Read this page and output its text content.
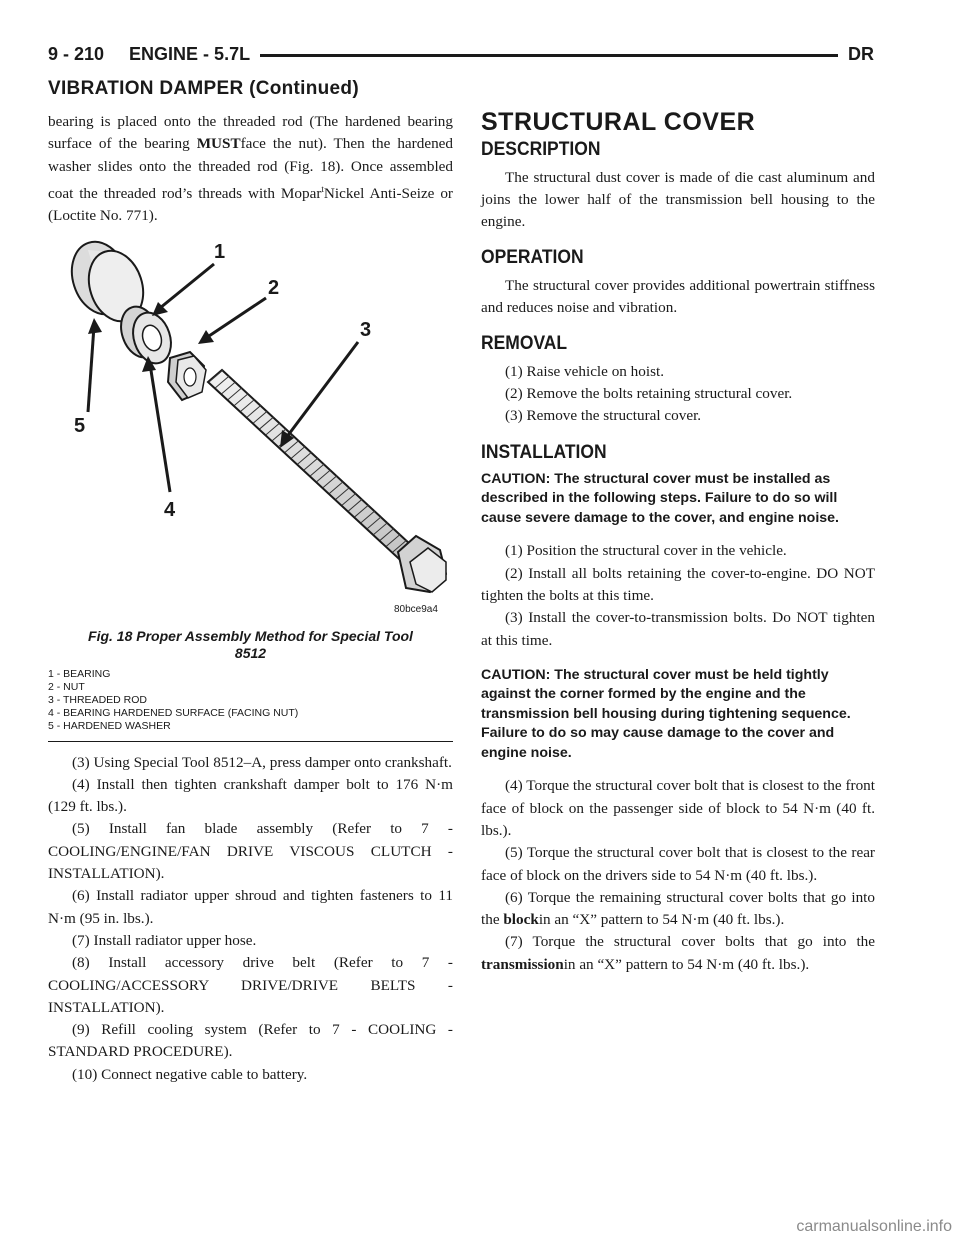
9 - 210     ENGINE - 5.7L	DR
VIBRATION DAMPER (Continued)

bearing is placed onto the threaded rod (The hardened bearing surface of the bearing MUSTface the nut). Then the hardened washer slides onto the threaded rod (Fig. 18). Once assembled coat the threaded rod’s threads with Mopar$^t$Nickel Anti-Seize or (Loctite No. 771).

1
2
3
4
5
80bce9a4
Fig. 18 Proper Assembly Method for Special Tool 8512
1 - BEARING
2 - NUT
3 - THREADED ROD
4 - BEARING HARDENED SURFACE (FACING NUT)
5 - HARDENED WASHER

(3) Using Special Tool 8512–A, press damper onto crankshaft.

(4) Install then tighten crankshaft damper bolt to 176 N·m (129 ft. lbs.).

(5) Install fan blade assembly (Refer to 7 - COOLING/ENGINE/FAN DRIVE VISCOUS CLUTCH - INSTALLATION).

(6) Install radiator upper shroud and tighten fasteners to 11 N·m (95 in. lbs.).

(7) Install radiator upper hose.

(8) Install accessory drive belt (Refer to 7 - COOLING/ACCESSORY DRIVE/DRIVE BELTS - INSTALLATION).

(9) Refill cooling system (Refer to 7 - COOLING - STANDARD PROCEDURE).

(10) Connect negative cable to battery.

STRUCTURAL COVER
DESCRIPTION

The structural dust cover is made of die cast aluminum and joins the lower half of the transmission bell housing to the engine.

OPERATION

The structural cover provides additional powertrain stiffness and reduces noise and vibration.

REMOVAL

(1) Raise vehicle on hoist.

(2) Remove the bolts retaining structural cover.

(3) Remove the structural cover.

INSTALLATION
CAUTION: The structural cover must be installed as described in the following steps. Failure to do so will cause severe damage to the cover, and engine noise.

(1) Position the structural cover in the vehicle.

(2) Install all bolts retaining the cover-to-engine. DO NOT tighten the bolts at this time.

(3) Install the cover-to-transmission bolts. Do NOT tighten at this time.

CAUTION: The structural cover must be held tightly against the corner formed by the engine and the transmission bell housing during tightening sequence. Failure to do so may cause damage to the cover and engine noise.

(4) Torque the structural cover bolt that is closest to the front face of block on the passenger side of block to 54 N·m (40 ft. lbs.).

(5) Torque the structural cover bolt that is closest to the rear face of block on the drivers side to 54 N·m (40 ft. lbs.).

(6) Torque the remaining structural cover bolts that go into the blockin an “X” pattern to 54 N·m (40 ft. lbs.).

(7) Torque the structural cover bolts that go into the transmissionin an “X” pattern to 54 N·m (40 ft. lbs.).

carmanualsonline.info
